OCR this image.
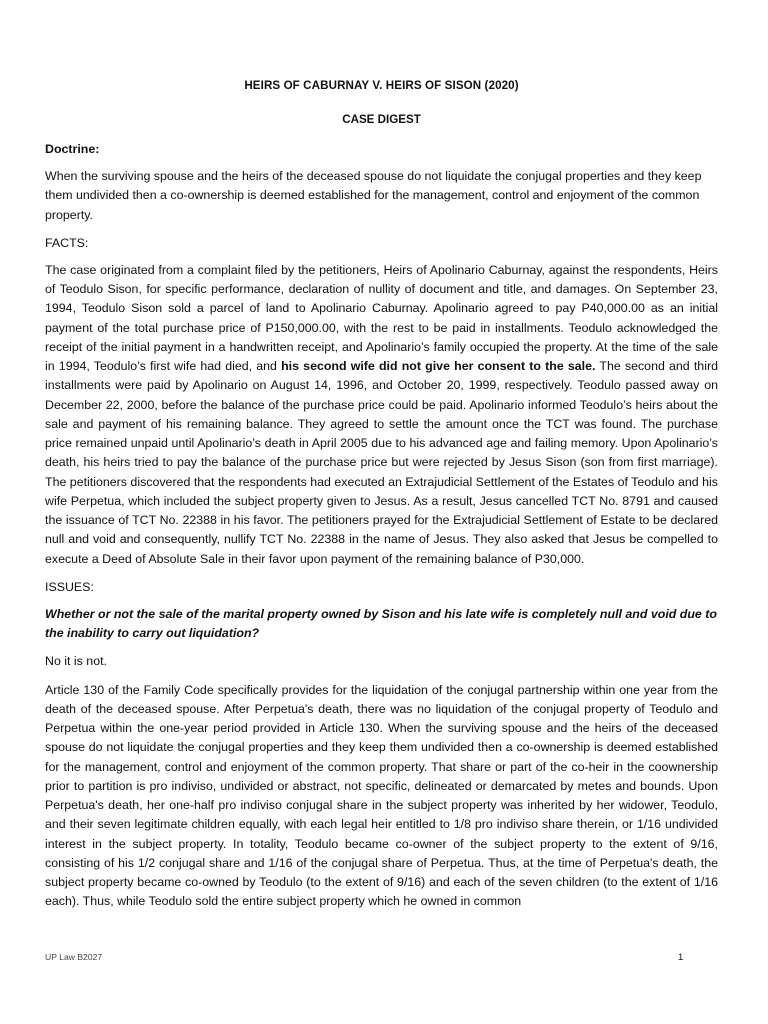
HEIRS OF CABURNAY V. HEIRS OF SISON (2020)
CASE DIGEST
Doctrine:

When the surviving spouse and the heirs of the deceased spouse do not liquidate the conjugal properties and they keep them undivided then a co-ownership is deemed established for the management, control and enjoyment of the common property.

FACTS:

The case originated from a complaint filed by the petitioners, Heirs of Apolinario Caburnay, against the respondents, Heirs of Teodulo Sison, for specific performance, declaration of nullity of document and title, and damages. On September 23, 1994, Teodulo Sison sold a parcel of land to Apolinario Caburnay. Apolinario agreed to pay P40,000.00 as an initial payment of the total purchase price of P150,000.00, with the rest to be paid in installments. Teodulo acknowledged the receipt of the initial payment in a handwritten receipt, and Apolinario’s family occupied the property. At the time of the sale in 1994, Teodulo’s first wife had died, and his second wife did not give her consent to the sale. The second and third installments were paid by Apolinario on August 14, 1996, and October 20, 1999, respectively. Teodulo passed away on December 22, 2000, before the balance of the purchase price could be paid. Apolinario informed Teodulo’s heirs about the sale and payment of his remaining balance. They agreed to settle the amount once the TCT was found. The purchase price remained unpaid until Apolinario’s death in April 2005 due to his advanced age and failing memory. Upon Apolinario’s death, his heirs tried to pay the balance of the purchase price but were rejected by Jesus Sison (son from first marriage). The petitioners discovered that the respondents had executed an Extrajudicial Settlement of the Estates of Teodulo and his wife Perpetua, which included the subject property given to Jesus. As a result, Jesus cancelled TCT No. 8791 and caused the issuance of TCT No. 22388 in his favor. The petitioners prayed for the Extrajudicial Settlement of Estate to be declared null and void and consequently, nullify TCT No. 22388 in the name of Jesus. They also asked that Jesus be compelled to execute a Deed of Absolute Sale in their favor upon payment of the remaining balance of P30,000.

ISSUES:

Whether or not the sale of the marital property owned by Sison and his late wife is completely null and void due to the inability to carry out liquidation?

No it is not.

Article 130 of the Family Code specifically provides for the liquidation of the conjugal partnership within one year from the death of the deceased spouse. After Perpetua's death, there was no liquidation of the conjugal property of Teodulo and Perpetua within the one-year period provided in Article 130. When the surviving spouse and the heirs of the deceased spouse do not liquidate the conjugal properties and they keep them undivided then a co-ownership is deemed established for the management, control and enjoyment of the common property. That share or part of the co-heir in the coownership prior to partition is pro indiviso, undivided or abstract, not specific, delineated or demarcated by metes and bounds. Upon Perpetua's death, her one-half pro indiviso conjugal share in the subject property was inherited by her widower, Teodulo, and their seven legitimate children equally, with each legal heir entitled to 1/8 pro indiviso share therein, or 1/16 undivided interest in the subject property. In totality, Teodulo became co-owner of the subject property to the extent of 9/16, consisting of his 1/2 conjugal share and 1/16 of the conjugal share of Perpetua. Thus, at the time of Perpetua's death, the subject property became co-owned by Teodulo (to the extent of 9/16) and each of the seven children (to the extent of 1/16 each). Thus, while Teodulo sold the entire subject property which he owned in common

UP Law B2027	1
